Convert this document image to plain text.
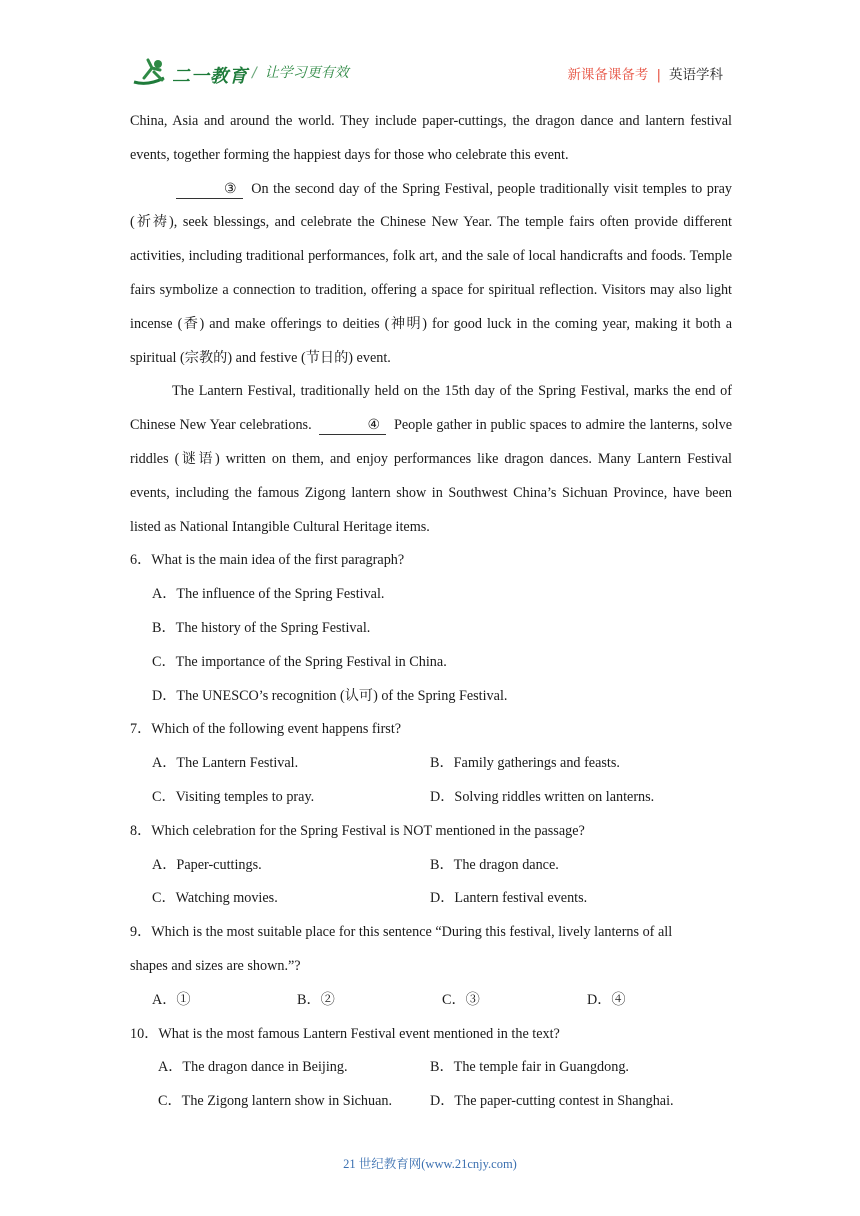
二一教育 / 让学习更有效	新课备课备考 | 英语学科

China, Asia and around the world. They include paper-cuttings, the dragon dance and lantern festival events, together forming the happiest days for those who celebrate this event.

③ On the second day of the Spring Festival, people traditionally visit temples to pray (祈祷), seek blessings, and celebrate the Chinese New Year. The temple fairs often provide different activities, including traditional performances, folk art, and the sale of local handicrafts and foods. Temple fairs symbolize a connection to tradition, offering a space for spiritual reflection. Visitors may also light incense (香) and make offerings to deities (神明) for good luck in the coming year, making it both a spiritual (宗教的) and festive (节日的) event.

The Lantern Festival, traditionally held on the 15th day of the Spring Festival, marks the end of Chinese New Year celebrations.	④ People gather in public spaces to admire the lanterns, solve riddles (谜语) written on them, and enjoy performances like dragon dances. Many Lantern Festival events, including the famous Zigong lantern show in Southwest China’s Sichuan Province, have been listed as National Intangible Cultural Heritage items.

6．What is the main idea of the first paragraph?

A．The influence of the Spring Festival.
B．The history of the Spring Festival.
C．The importance of the Spring Festival in China.
D．The UNESCO’s recognition (认可) of the Spring Festival.

7．Which of the following event happens first?

A．The Lantern Festival.	B．Family gatherings and feasts.
C．Visiting temples to pray.	D．Solving riddles written on lanterns.

8．Which celebration for the Spring Festival is NOT mentioned in the passage?

A．Paper-cuttings.	B．The dragon dance.
C．Watching movies.	D．Lantern festival events.

9．Which is the most suitable place for this sentence “During this festival, lively lanterns of all

shapes and sizes are shown.”?

A．①	B．②	C．③	D．④

10．What is the most famous Lantern Festival event mentioned in the text?

A．The dragon dance in Beijing.	B．The temple fair in Guangdong.
C．The Zigong lantern show in Sichuan.	D．The paper-cutting contest in Shanghai.
21 世纪教育网(www.21cnjy.com)
